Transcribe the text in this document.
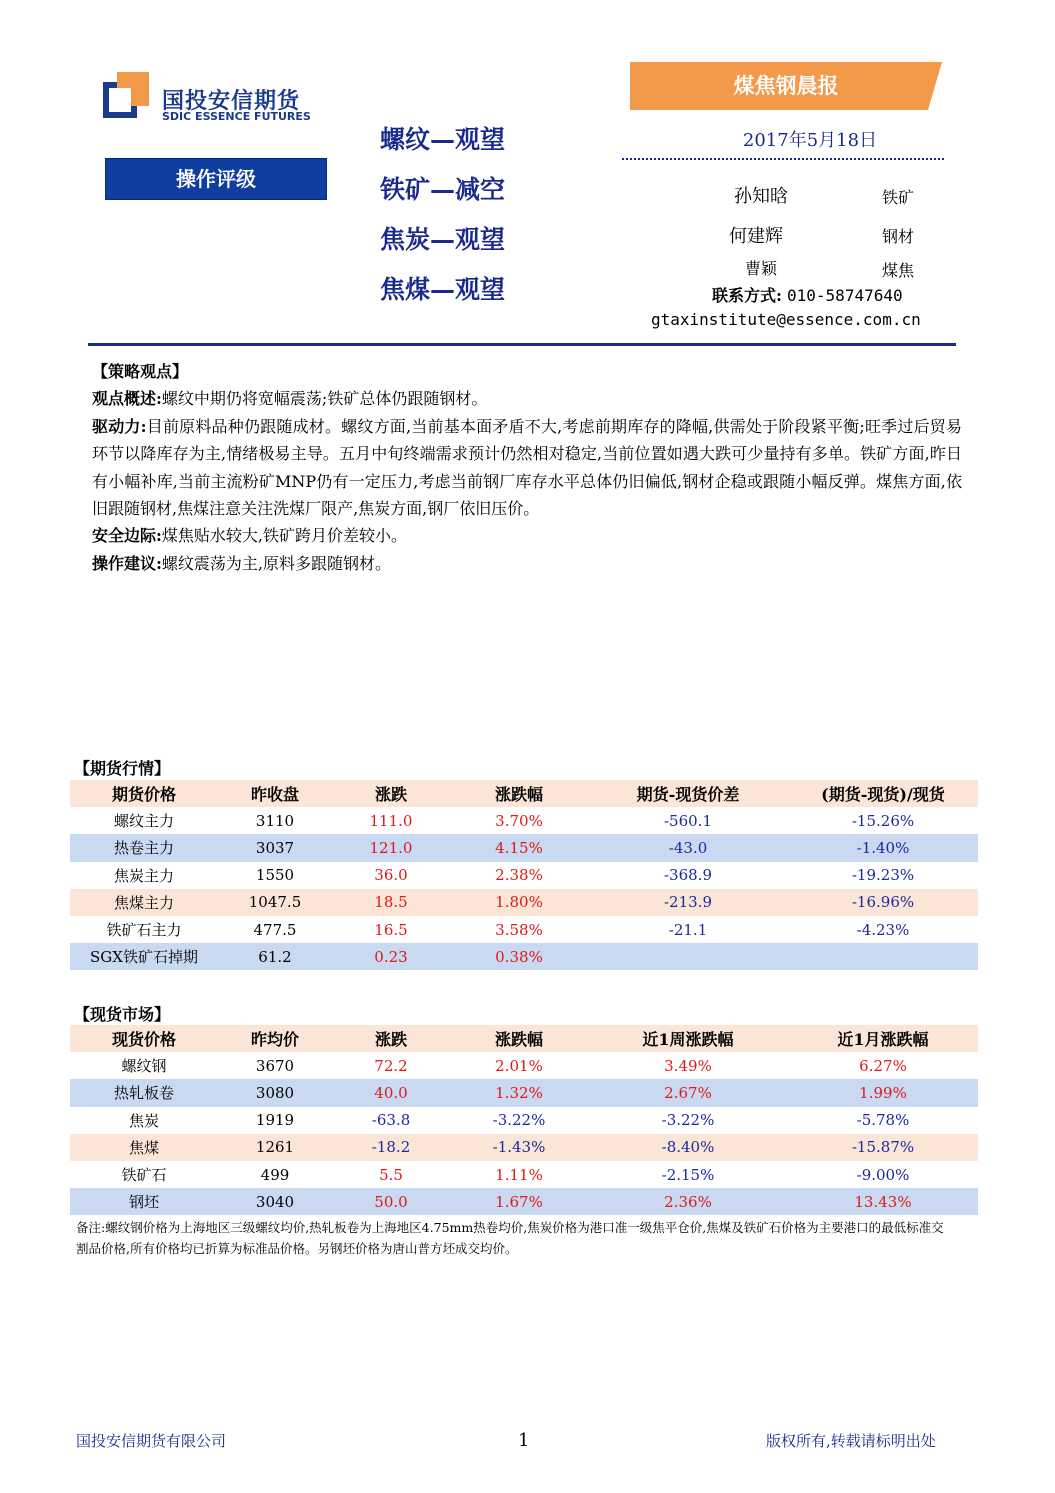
国投安信期货
SDIC ESSENCE FUTURES
煤焦钢晨报
2017年5月18日
操作评级
螺纹—观望
铁矿—减空
焦炭—观望
焦煤—观望
孙知晗	铁矿
何建辉	钢材
曹颖	煤焦
联系方式: 010-58747640
gtaxinstitute@essence.com.cn

【策略观点】

观点概述:螺纹中期仍将宽幅震荡;铁矿总体仍跟随钢材。

驱动力:目前原料品种仍跟随成材。螺纹方面,当前基本面矛盾不大,考虑前期库存的降幅,供需处于阶段紧平衡;旺季过后贸易环节以降库存为主,情绪极易主导。五月中旬终端需求预计仍然相对稳定,当前位置如遇大跌可少量持有多单。铁矿方面,昨日有小幅补库,当前主流粉矿MNP仍有一定压力,考虑当前钢厂库存水平总体仍旧偏低,钢材企稳或跟随小幅反弹。煤焦方面,依旧跟随钢材,焦煤注意关注洗煤厂限产,焦炭方面,钢厂依旧压价。

安全边际:煤焦贴水较大,铁矿跨月价差较小。

操作建议:螺纹震荡为主,原料多跟随钢材。

【期货行情】
期货价格	昨收盘	涨跌	涨跌幅	期货-现货价差	(期货-现货)/现货
螺纹主力	3110	111.0	3.70%	-560.1	-15.26%
热卷主力	3037	121.0	4.15%	-43.0	-1.40%
焦炭主力	1550	36.0	2.38%	-368.9	-19.23%
焦煤主力	1047.5	18.5	1.80%	-213.9	-16.96%
铁矿石主力	477.5	16.5	3.58%	-21.1	-4.23%
SGX铁矿石掉期	61.2	0.23	0.38%		
【现货市场】
现货价格	昨均价	涨跌	涨跌幅	近1周涨跌幅	近1月涨跌幅
螺纹钢	3670	72.2	2.01%	3.49%	6.27%
热轧板卷	3080	40.0	1.32%	2.67%	1.99%
焦炭	1919	-63.8	-3.22%	-3.22%	-5.78%
焦煤	1261	-18.2	-1.43%	-8.40%	-15.87%
铁矿石	499	5.5	1.11%	-2.15%	-9.00%
钢坯	3040	50.0	1.67%	2.36%	13.43%
备注:螺纹钢价格为上海地区三级螺纹均价,热轧板卷为上海地区4.75mm热卷均价,焦炭价格为港口准一级焦平仓价,焦煤及铁矿石价格为主要港口的最低标准交割品价格,所有价格均已折算为标准品价格。另钢坯价格为唐山普方坯成交均价。
国投安信期货有限公司	1	版权所有,转载请标明出处
